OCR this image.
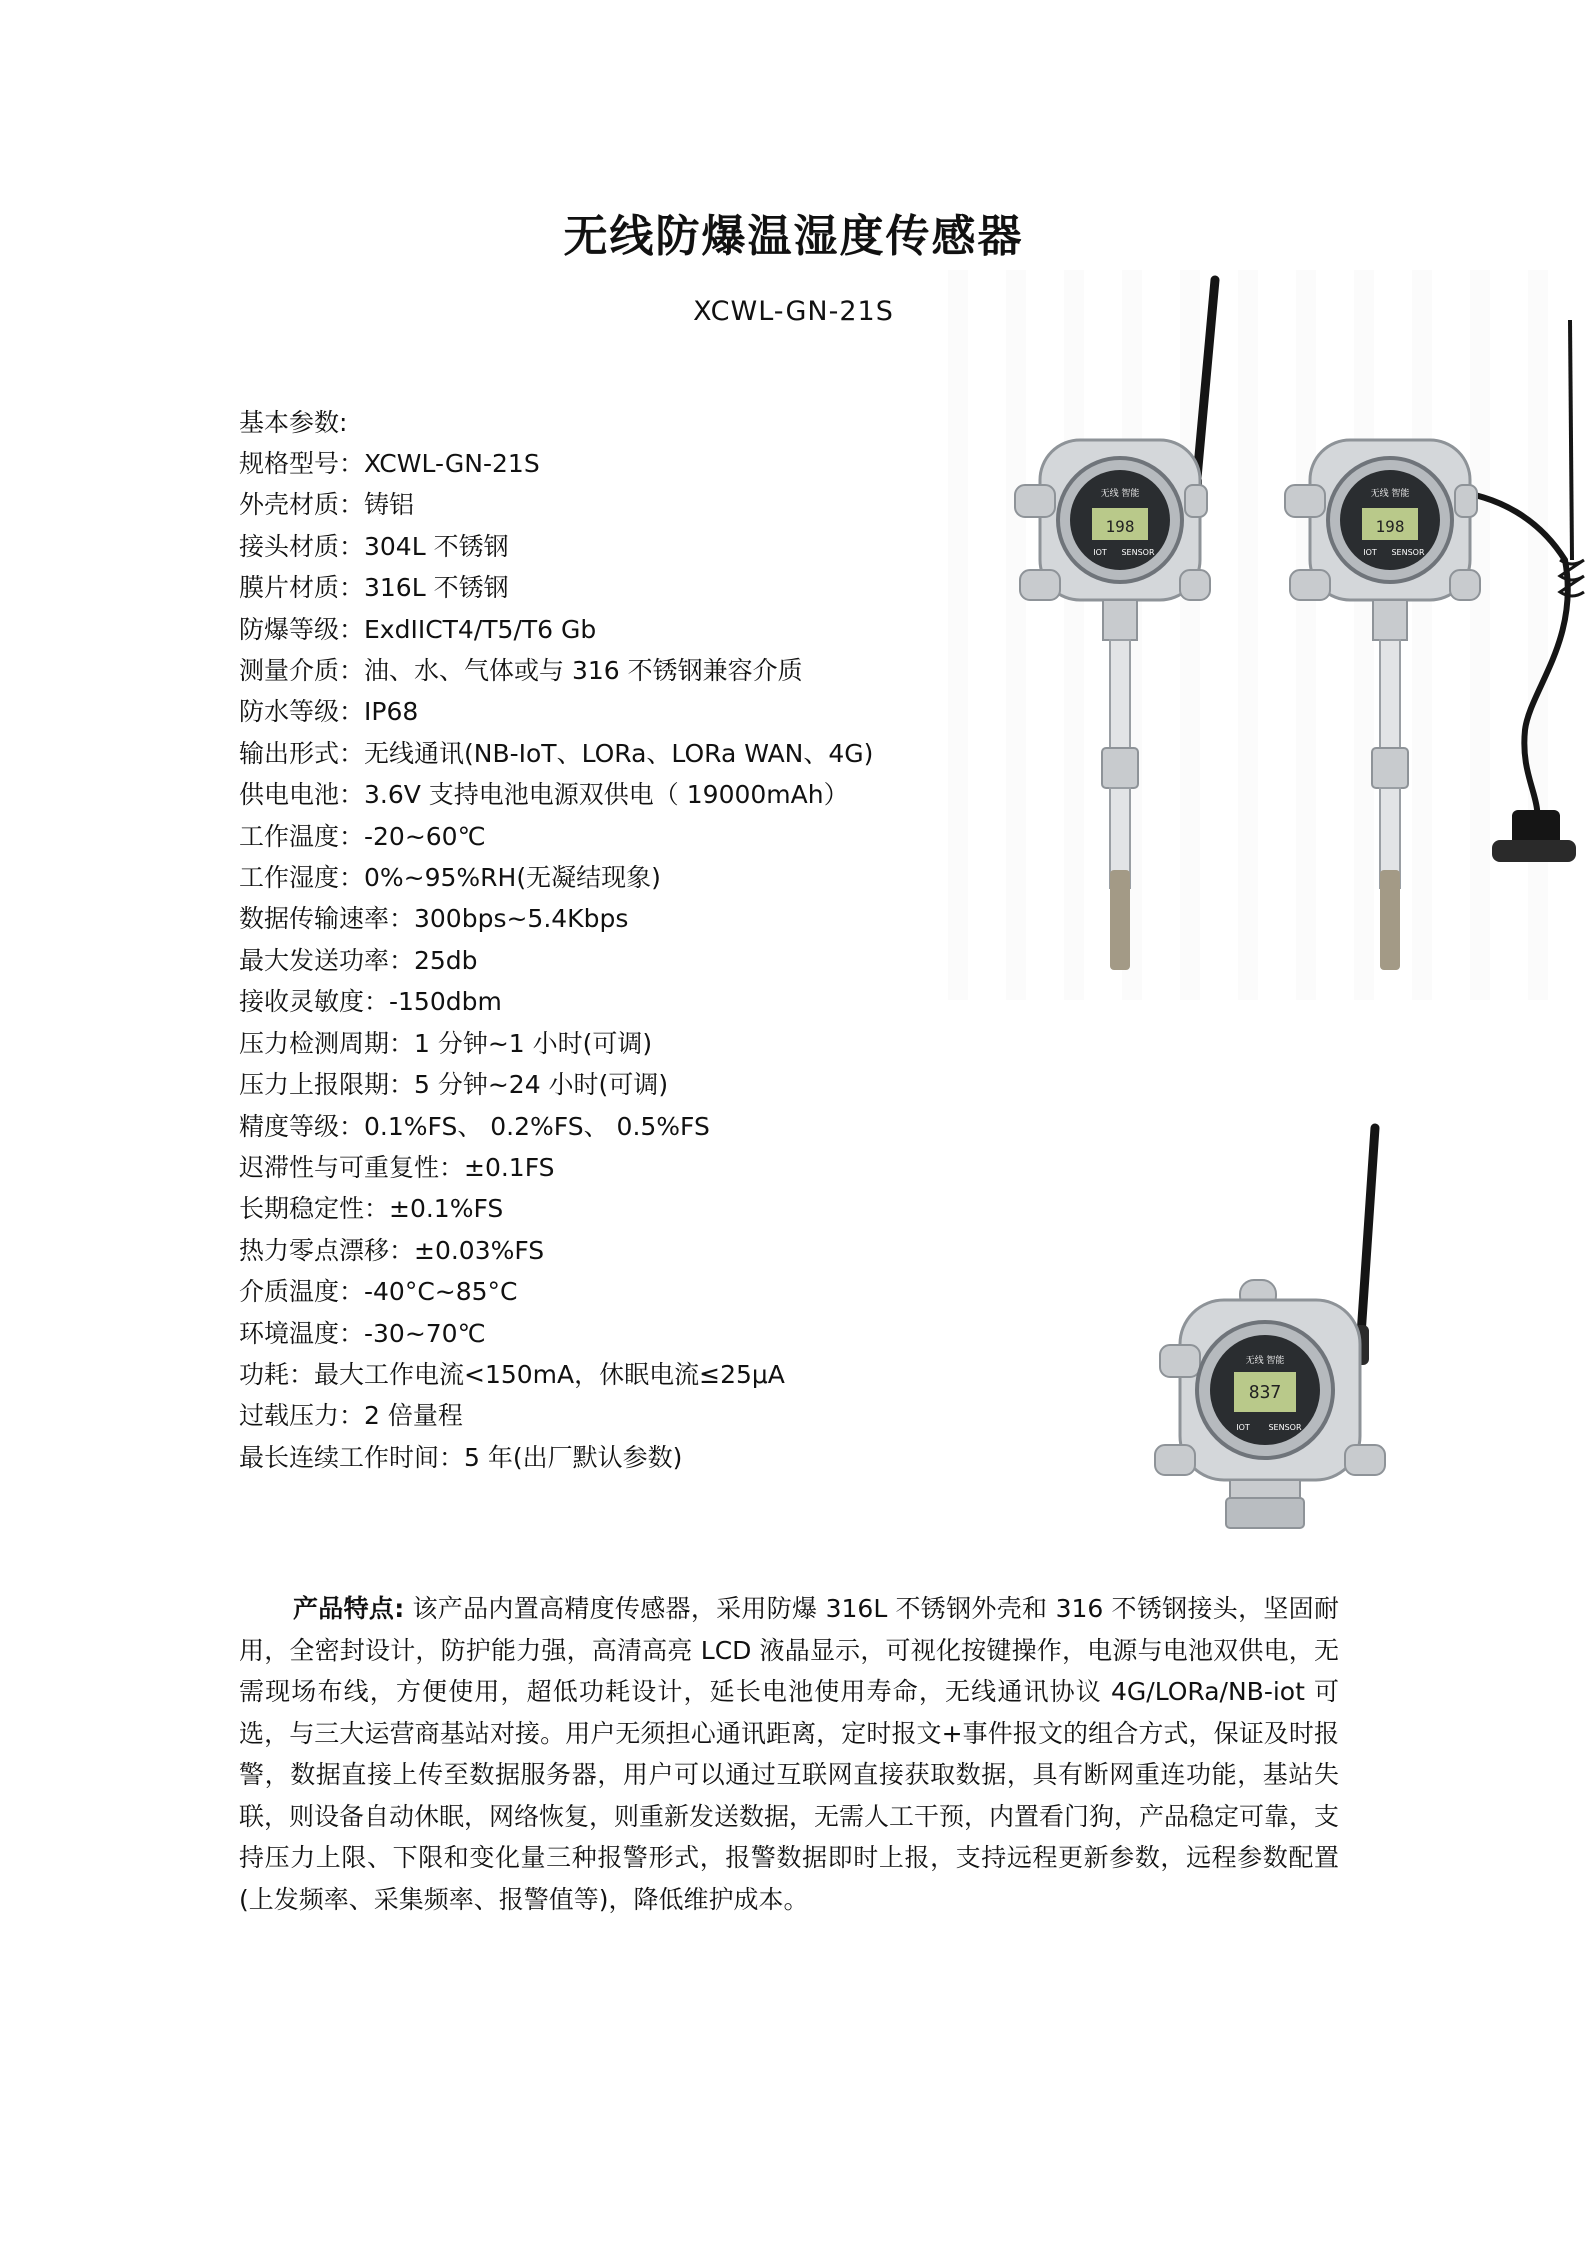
无线防爆温湿度传感器
XCWL-GN-21S
基本参数:
规格型号：XCWL-GN-21S
外壳材质：铸铝
接头材质：304L 不锈钢
膜片材质：316L 不锈钢
防爆等级：ExdIICT4/T5/T6 Gb
测量介质：油、水、气体或与 316 不锈钢兼容介质
防水等级：IP68
输出形式：无线通讯(NB-IoT、LORa、LORa WAN、4G)
供电电池：3.6V 支持电池电源双供电（ 19000mAh）
工作温度：-20~60℃
工作湿度：0%~95%RH(无凝结现象)
数据传输速率：300bps~5.4Kbps
最大发送功率：25db
接收灵敏度：-150dbm
压力检测周期：1 分钟~1 小时(可调)
压力上报限期：5 分钟~24 小时(可调)
精度等级：0.1%FS、 0.2%FS、 0.5%FS
迟滞性与可重复性：±0.1FS
长期稳定性：±0.1%FS
热力零点漂移：±0.03%FS
介质温度：-40°C~85°C
环境温度：-30~70℃
功耗：最大工作电流<150mA，休眠电流≤25μA
过载压力：2 倍量程
最长连续工作时间：5 年(出厂默认参数)

产品特点: 该产品内置高精度传感器，采用防爆 316L 不锈钢外壳和 316 不锈钢接头，坚固耐用，全密封设计，防护能力强，高清高亮 LCD 液晶显示，可视化按键操作，电源与电池双供电，无需现场布线，方便使用，超低功耗设计，延长电池使用寿命，无线通讯协议 4G/LORa/NB-iot 可选，与三大运营商基站对接。用户无须担心通讯距离，定时报文+事件报文的组合方式，保证及时报警，数据直接上传至数据服务器，用户可以通过互联网直接获取数据，具有断网重连功能，基站失联，则设备自动休眠，网络恢复，则重新发送数据，无需人工干预，内置看门狗，产品稳定可靠，支持压力上限、下限和变化量三种报警形式，报警数据即时上报，支持远程更新参数，远程参数配置(上发频率、采集频率、报警值等)，降低维护成本。

无线 智能
198
IOT SENSOR
无线 智能
198
IOT SENSOR
无线 智能
837
IOT SENSOR
